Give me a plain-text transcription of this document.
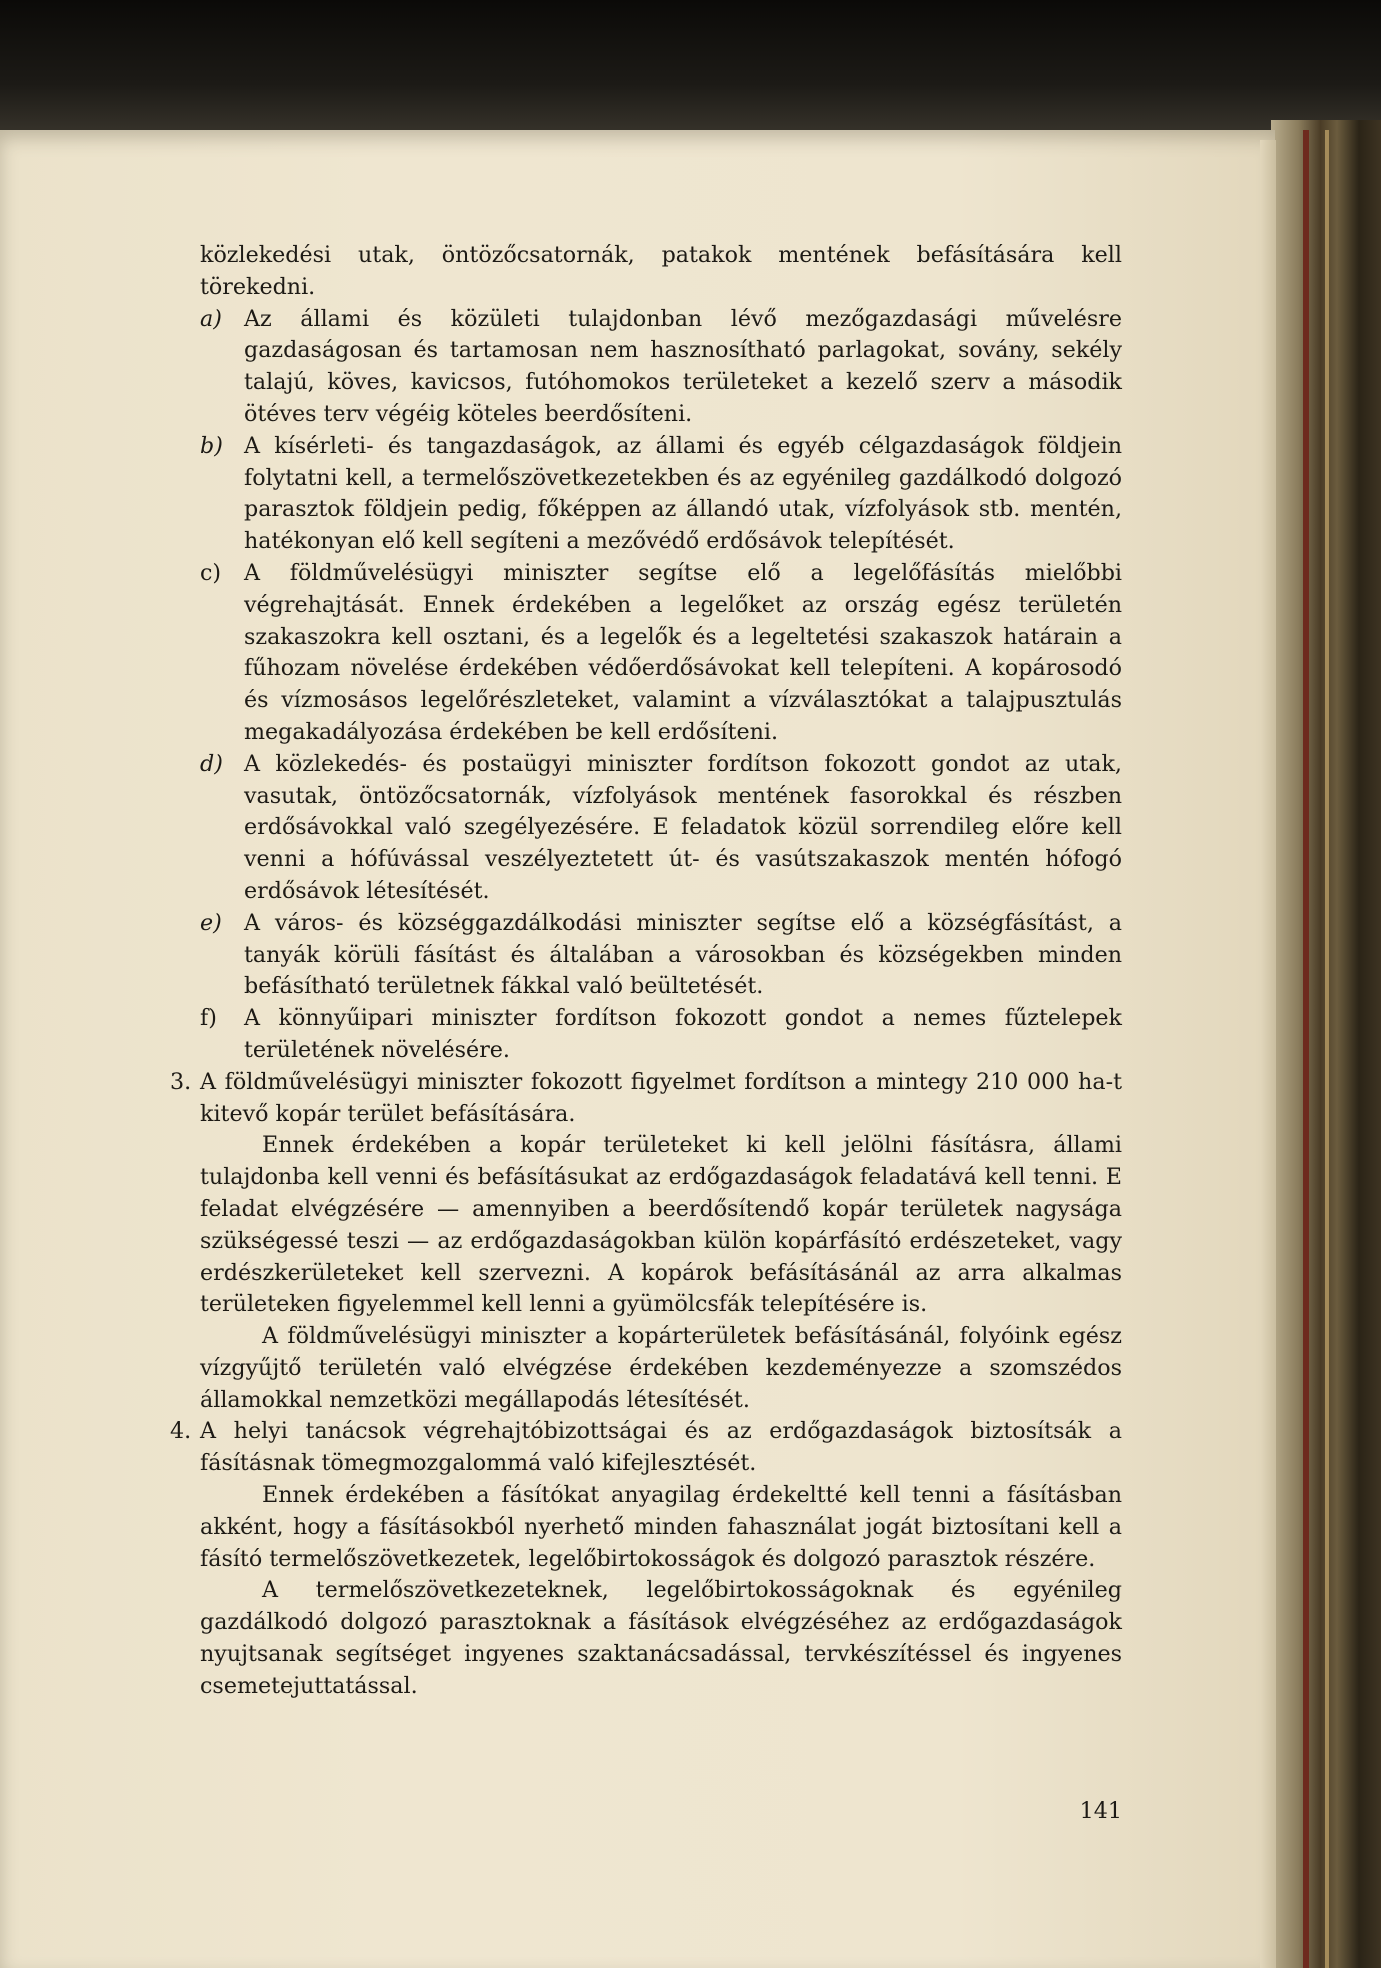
közlekedési utak, öntözőcsatornák, patakok mentének befásítására kell törekedni.

a) Az állami és közületi tulajdonban lévő mezőgazdasági művelésre gazdaságosan és tartamosan nem hasznosítható parlagokat, sovány, sekély talajú, köves, kavicsos, futóhomokos területeket a kezelő szerv a második ötéves terv végéig köteles beerdősíteni.
b) A kísérleti- és tangazdaságok, az állami és egyéb célgazdaságok földjein folytatni kell, a termelőszövetkezetekben és az egyénileg gazdálkodó dolgozó parasztok földjein pedig, főképpen az állandó utak, vízfolyások stb. mentén, hatékonyan elő kell segíteni a mezővédő erdősávok telepítését.
c)	A földművelésügyi miniszter segítse elő a legelőfásítás mielőbbi végrehajtását. Ennek érdekében a legelőket az ország egész területén szakaszokra kell osztani, és a legelők és a legeltetési szakaszok határain a fűhozam növelése érdekében védőerdősávokat kell telepíteni. A kopárosodó és vízmosásos legelőrészleteket, valamint a vízválasztókat a talajpusztulás megakadályozása érdekében be kell erdősíteni.
d) A közlekedés- és postaügyi miniszter fordítson fokozott gondot az utak, vasutak, öntözőcsatornák, vízfolyások mentének fasorokkal és részben erdősávokkal való szegélyezésére. E feladatok közül sorrendileg előre kell venni a hófúvással veszélyeztetett út- és vasútszakaszok mentén hófogó erdősávok létesítését.
e)	A város- és községgazdálkodási miniszter segítse elő a községfásítást, a tanyák körüli fásítást és általában a városokban és községekben minden befásítható területnek fákkal való beültetését.
f)	A könnyűipari miniszter fordítson fokozott gondot a nemes fűztelepek területének növelésére.
A földművelésügyi miniszter fokozott figyelmet fordítson a mintegy 210 000 ha-t kitevő kopár terület befásítására.

Ennek érdekében a kopár területeket ki kell jelölni fásításra, állami tulajdonba kell venni és befásításukat az erdőgazdaságok feladatává kell tenni. E feladat elvégzésére — amennyiben a beerdősítendő kopár területek nagysága szükségessé teszi — az erdőgazdaságokban külön kopárfásító erdészeteket, vagy erdészkerületeket kell szervezni. A kopárok befásításánál az arra alkalmas területeken figyelemmel kell lenni a gyümölcsfák telepítésére is.

A földművelésügyi miniszter a kopárterületek befásításánál, folyóink egész vízgyűjtő területén való elvégzése érdekében kezdeményezze a szomszédos államokkal nemzetközi megállapodás létesítését.

A helyi tanácsok végrehajtóbizottságai és az erdőgazdaságok biztosítsák a fásításnak tömegmozgalommá való kifejlesztését.

Ennek érdekében a fásítókat anyagilag érdekeltté kell tenni a fásításban akként, hogy a fásításokból nyerhető minden fahasználat jogát biztosítani kell a fásító termelőszövetkezetek, legelőbirtokosságok és dolgozó parasztok részére.

A termelőszövetkezeteknek, legelőbirtokosságoknak és egyénileg gazdálkodó dolgozó parasztoknak a fásítások elvégzéséhez az erdőgazdaságok nyujtsanak segítséget ingyenes szaktanácsadással, tervkészítéssel és ingyenes csemetejuttatással.

141
